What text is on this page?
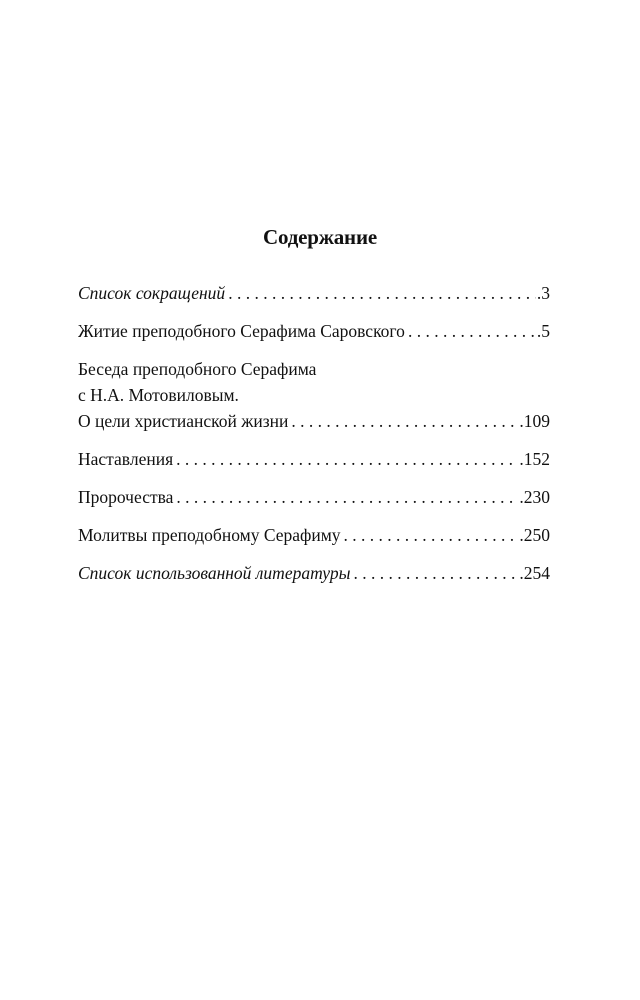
Содержание
Список сокращений . . .	.3
Житие преподобного Серафима Саровского . . .	.5
Беседа преподобного Серафима
с Н.А. Мотовиловым.
О цели христианской жизни . . .	.109
Наставления . . .	.152
Пророчества . . .	.230
Молитвы преподобному Серафиму . . .	.250
Список использованной литературы . . .	.254
